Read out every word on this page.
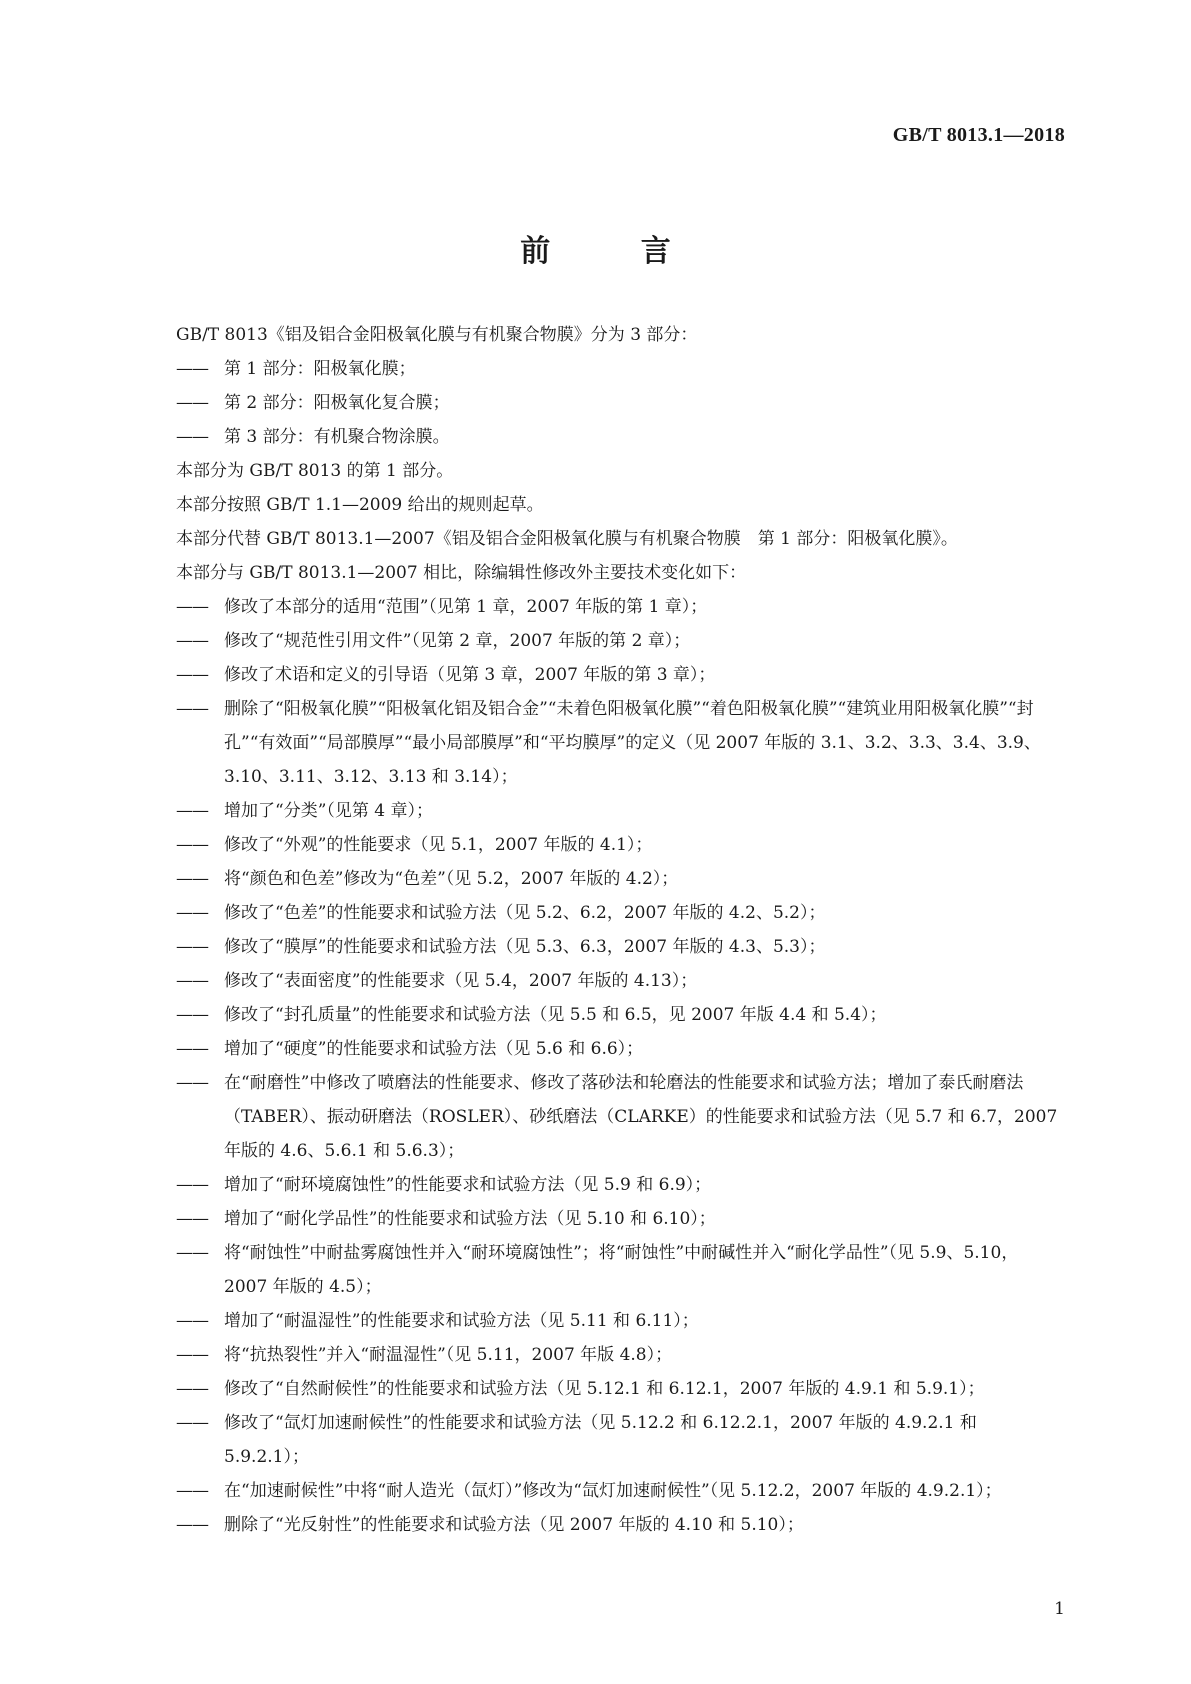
GB/T 8013.1—2018
前 言

GB/T 8013《铝及铝合金阳极氧化膜与有机聚合物膜》分为 3 部分：

—— 第 1 部分：阳极氧化膜；

—— 第 2 部分：阳极氧化复合膜；

—— 第 3 部分：有机聚合物涂膜。

本部分为 GB/T 8013 的第 1 部分。

本部分按照 GB/T 1.1—2009 给出的规则起草。

本部分代替 GB/T 8013.1—2007《铝及铝合金阳极氧化膜与有机聚合物膜　第 1 部分：阳极氧化膜》。

本部分与 GB/T 8013.1—2007 相比，除编辑性修改外主要技术变化如下：

—— 修改了本部分的适用“范围”（见第 1 章，2007 年版的第 1 章）；

—— 修改了“规范性引用文件”（见第 2 章，2007 年版的第 2 章）；

—— 修改了术语和定义的引导语（见第 3 章，2007 年版的第 3 章）；

—— 删除了“阳极氧化膜”“阳极氧化铝及铝合金”“未着色阳极氧化膜”“着色阳极氧化膜”“建筑业用阳极氧化膜”“封孔”“有效面”“局部膜厚”“最小局部膜厚”和“平均膜厚”的定义（见 2007 年版的 3.1、3.2、3.3、3.4、3.9、3.10、3.11、3.12、3.13 和 3.14）；

—— 增加了“分类”（见第 4 章）；

—— 修改了“外观”的性能要求（见 5.1，2007 年版的 4.1）；

—— 将“颜色和色差”修改为“色差”（见 5.2，2007 年版的 4.2）；

—— 修改了“色差”的性能要求和试验方法（见 5.2、6.2，2007 年版的 4.2、5.2）；

—— 修改了“膜厚”的性能要求和试验方法（见 5.3、6.3，2007 年版的 4.3、5.3）；

—— 修改了“表面密度”的性能要求（见 5.4，2007 年版的 4.13）；

—— 修改了“封孔质量”的性能要求和试验方法（见 5.5 和 6.5，见 2007 年版 4.4 和 5.4）；

—— 增加了“硬度”的性能要求和试验方法（见 5.6 和 6.6）；

—— 在“耐磨性”中修改了喷磨法的性能要求、修改了落砂法和轮磨法的性能要求和试验方法；增加了泰氏耐磨法（TABER）、振动研磨法（ROSLER）、砂纸磨法（CLARKE）的性能要求和试验方法（见 5.7 和 6.7，2007 年版的 4.6、5.6.1 和 5.6.3）；

—— 增加了“耐环境腐蚀性”的性能要求和试验方法（见 5.9 和 6.9）；

—— 增加了“耐化学品性”的性能要求和试验方法（见 5.10 和 6.10）；

—— 将“耐蚀性”中耐盐雾腐蚀性并入“耐环境腐蚀性”；将“耐蚀性”中耐碱性并入“耐化学品性”（见 5.9、5.10，2007 年版的 4.5）；

—— 增加了“耐温湿性”的性能要求和试验方法（见 5.11 和 6.11）；

—— 将“抗热裂性”并入“耐温湿性”（见 5.11，2007 年版 4.8）；

—— 修改了“自然耐候性”的性能要求和试验方法（见 5.12.1 和 6.12.1，2007 年版的 4.9.1 和 5.9.1）；

—— 修改了“氙灯加速耐候性”的性能要求和试验方法（见 5.12.2 和 6.12.2.1，2007 年版的 4.9.2.1 和 5.9.2.1）；

—— 在“加速耐候性”中将“耐人造光（氙灯）”修改为“氙灯加速耐候性”（见 5.12.2，2007 年版的 4.9.2.1）；

—— 删除了“光反射性”的性能要求和试验方法（见 2007 年版的 4.10 和 5.10）；

1
